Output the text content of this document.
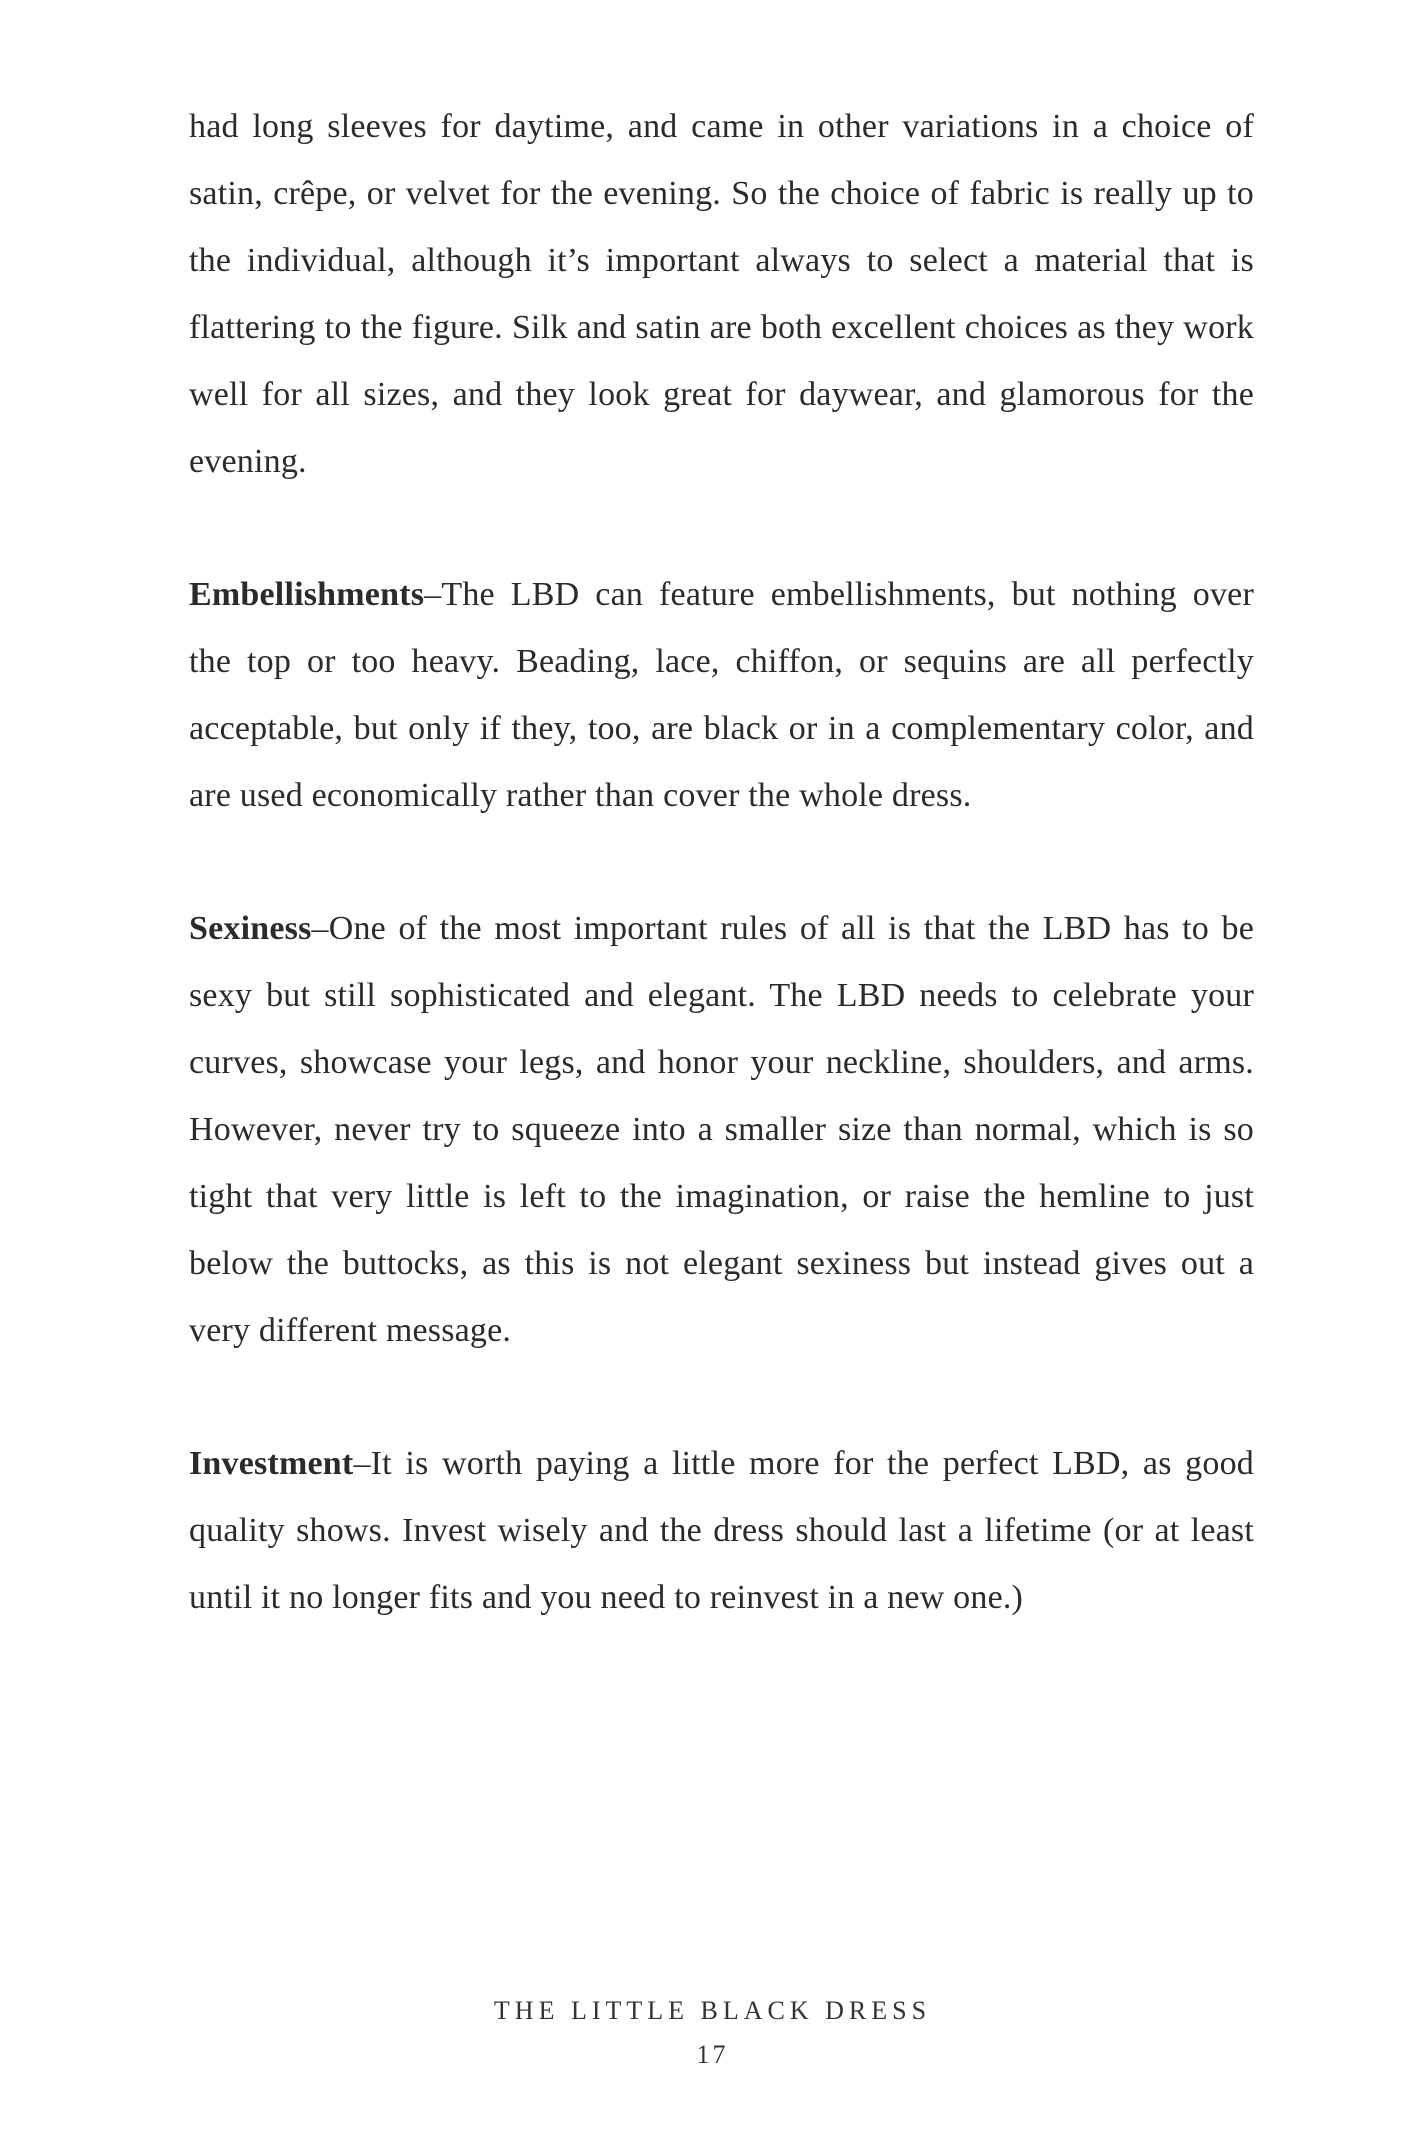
had long sleeves for daytime, and came in other variations in a choice of satin, crêpe, or velvet for the evening. So the choice of fabric is really up to the individual, although it’s important always to select a material that is flattering to the figure. Silk and satin are both excellent choices as they work well for all sizes, and they look great for daywear, and glamorous for the evening.

Embellishments–The LBD can feature embellishments, but nothing over the top or too heavy. Beading, lace, chiffon, or sequins are all perfectly acceptable, but only if they, too, are black or in a complementary color, and are used economically rather than cover the whole dress.

Sexiness–One of the most important rules of all is that the LBD has to be sexy but still sophisticated and elegant. The LBD needs to celebrate your curves, showcase your legs, and honor your neckline, shoulders, and arms. However, never try to squeeze into a smaller size than normal, which is so tight that very little is left to the imagination, or raise the hemline to just below the buttocks, as this is not elegant sexiness but instead gives out a very different message.

Investment–It is worth paying a little more for the perfect LBD, as good quality shows. Invest wisely and the dress should last a lifetime (or at least until it no longer fits and you need to reinvest in a new one.)

THE LITTLE BLACK DRESS
17
